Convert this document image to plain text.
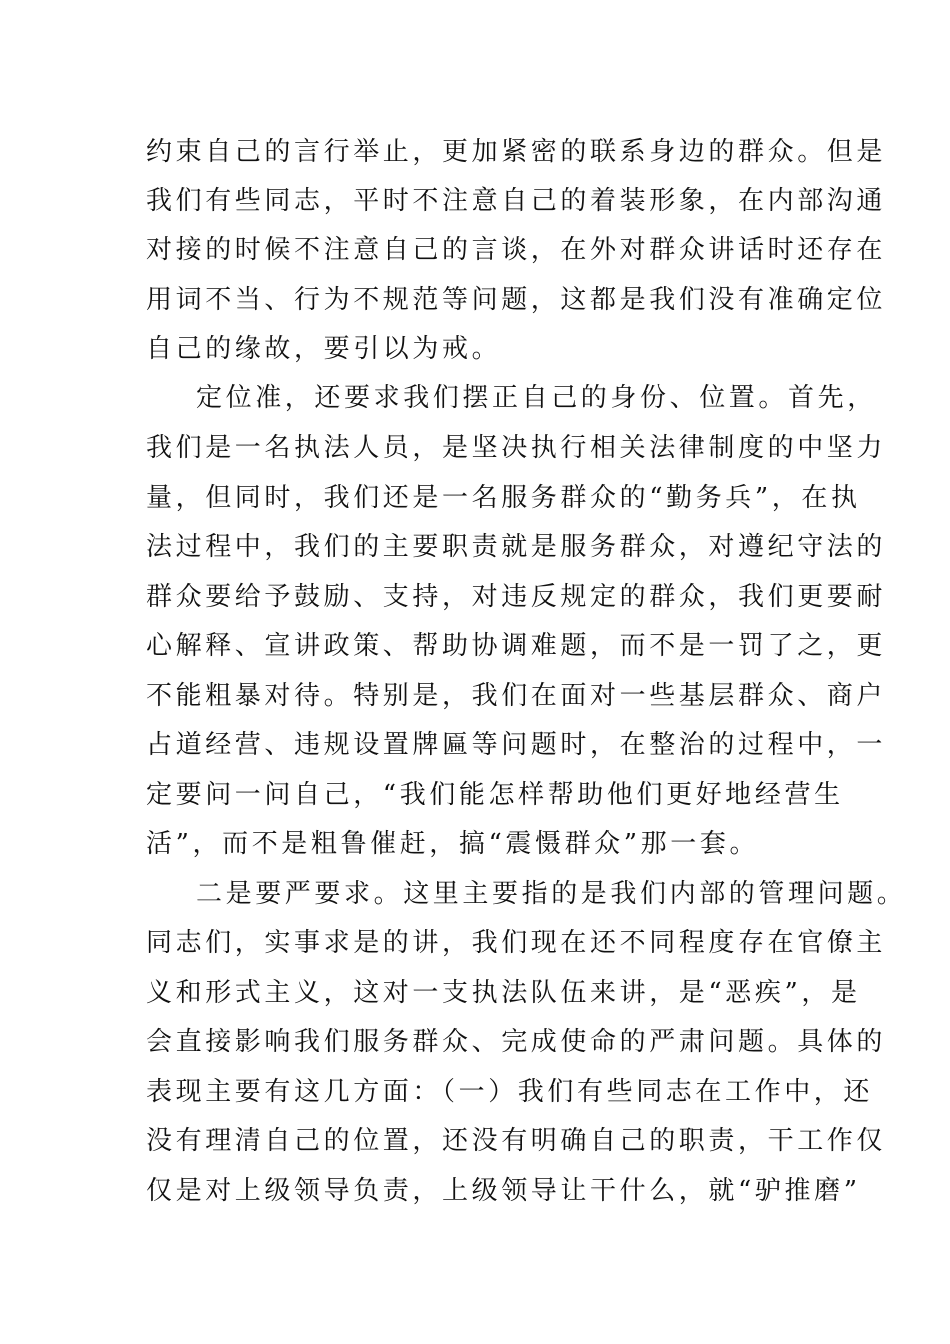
约束自己的言行举止，更加紧密的联系身边的群众。但是
我们有些同志，平时不注意自己的着装形象，在内部沟通
对接的时候不注意自己的言谈，在外对群众讲话时还存在
用词不当、行为不规范等问题，这都是我们没有准确定位
自己的缘故，要引以为戒。
定位准，还要求我们摆正自己的身份、位置。首先，
我们是一名执法人员，是坚决执行相关法律制度的中坚力
量，但同时，我们还是一名服务群众的“勤务兵”，在执
法过程中，我们的主要职责就是服务群众，对遵纪守法的
群众要给予鼓励、支持，对违反规定的群众，我们更要耐
心解释、宣讲政策、帮助协调难题，而不是一罚了之，更
不能粗暴对待。特别是，我们在面对一些基层群众、商户
占道经营、违规设置牌匾等问题时，在整治的过程中，一
定要问一问自己，“我们能怎样帮助他们更好地经营生
活”，而不是粗鲁催赶，搞“震慑群众”那一套。
二是要严要求。这里主要指的是我们内部的管理问题。
同志们，实事求是的讲，我们现在还不同程度存在官僚主
义和形式主义，这对一支执法队伍来讲，是“恶疾”，是
会直接影响我们服务群众、完成使命的严肃问题。具体的
表现主要有这几方面：（一）我们有些同志在工作中，还
没有理清自己的位置，还没有明确自己的职责，干工作仅
仅是对上级领导负责，上级领导让干什么，就“驴推磨”
